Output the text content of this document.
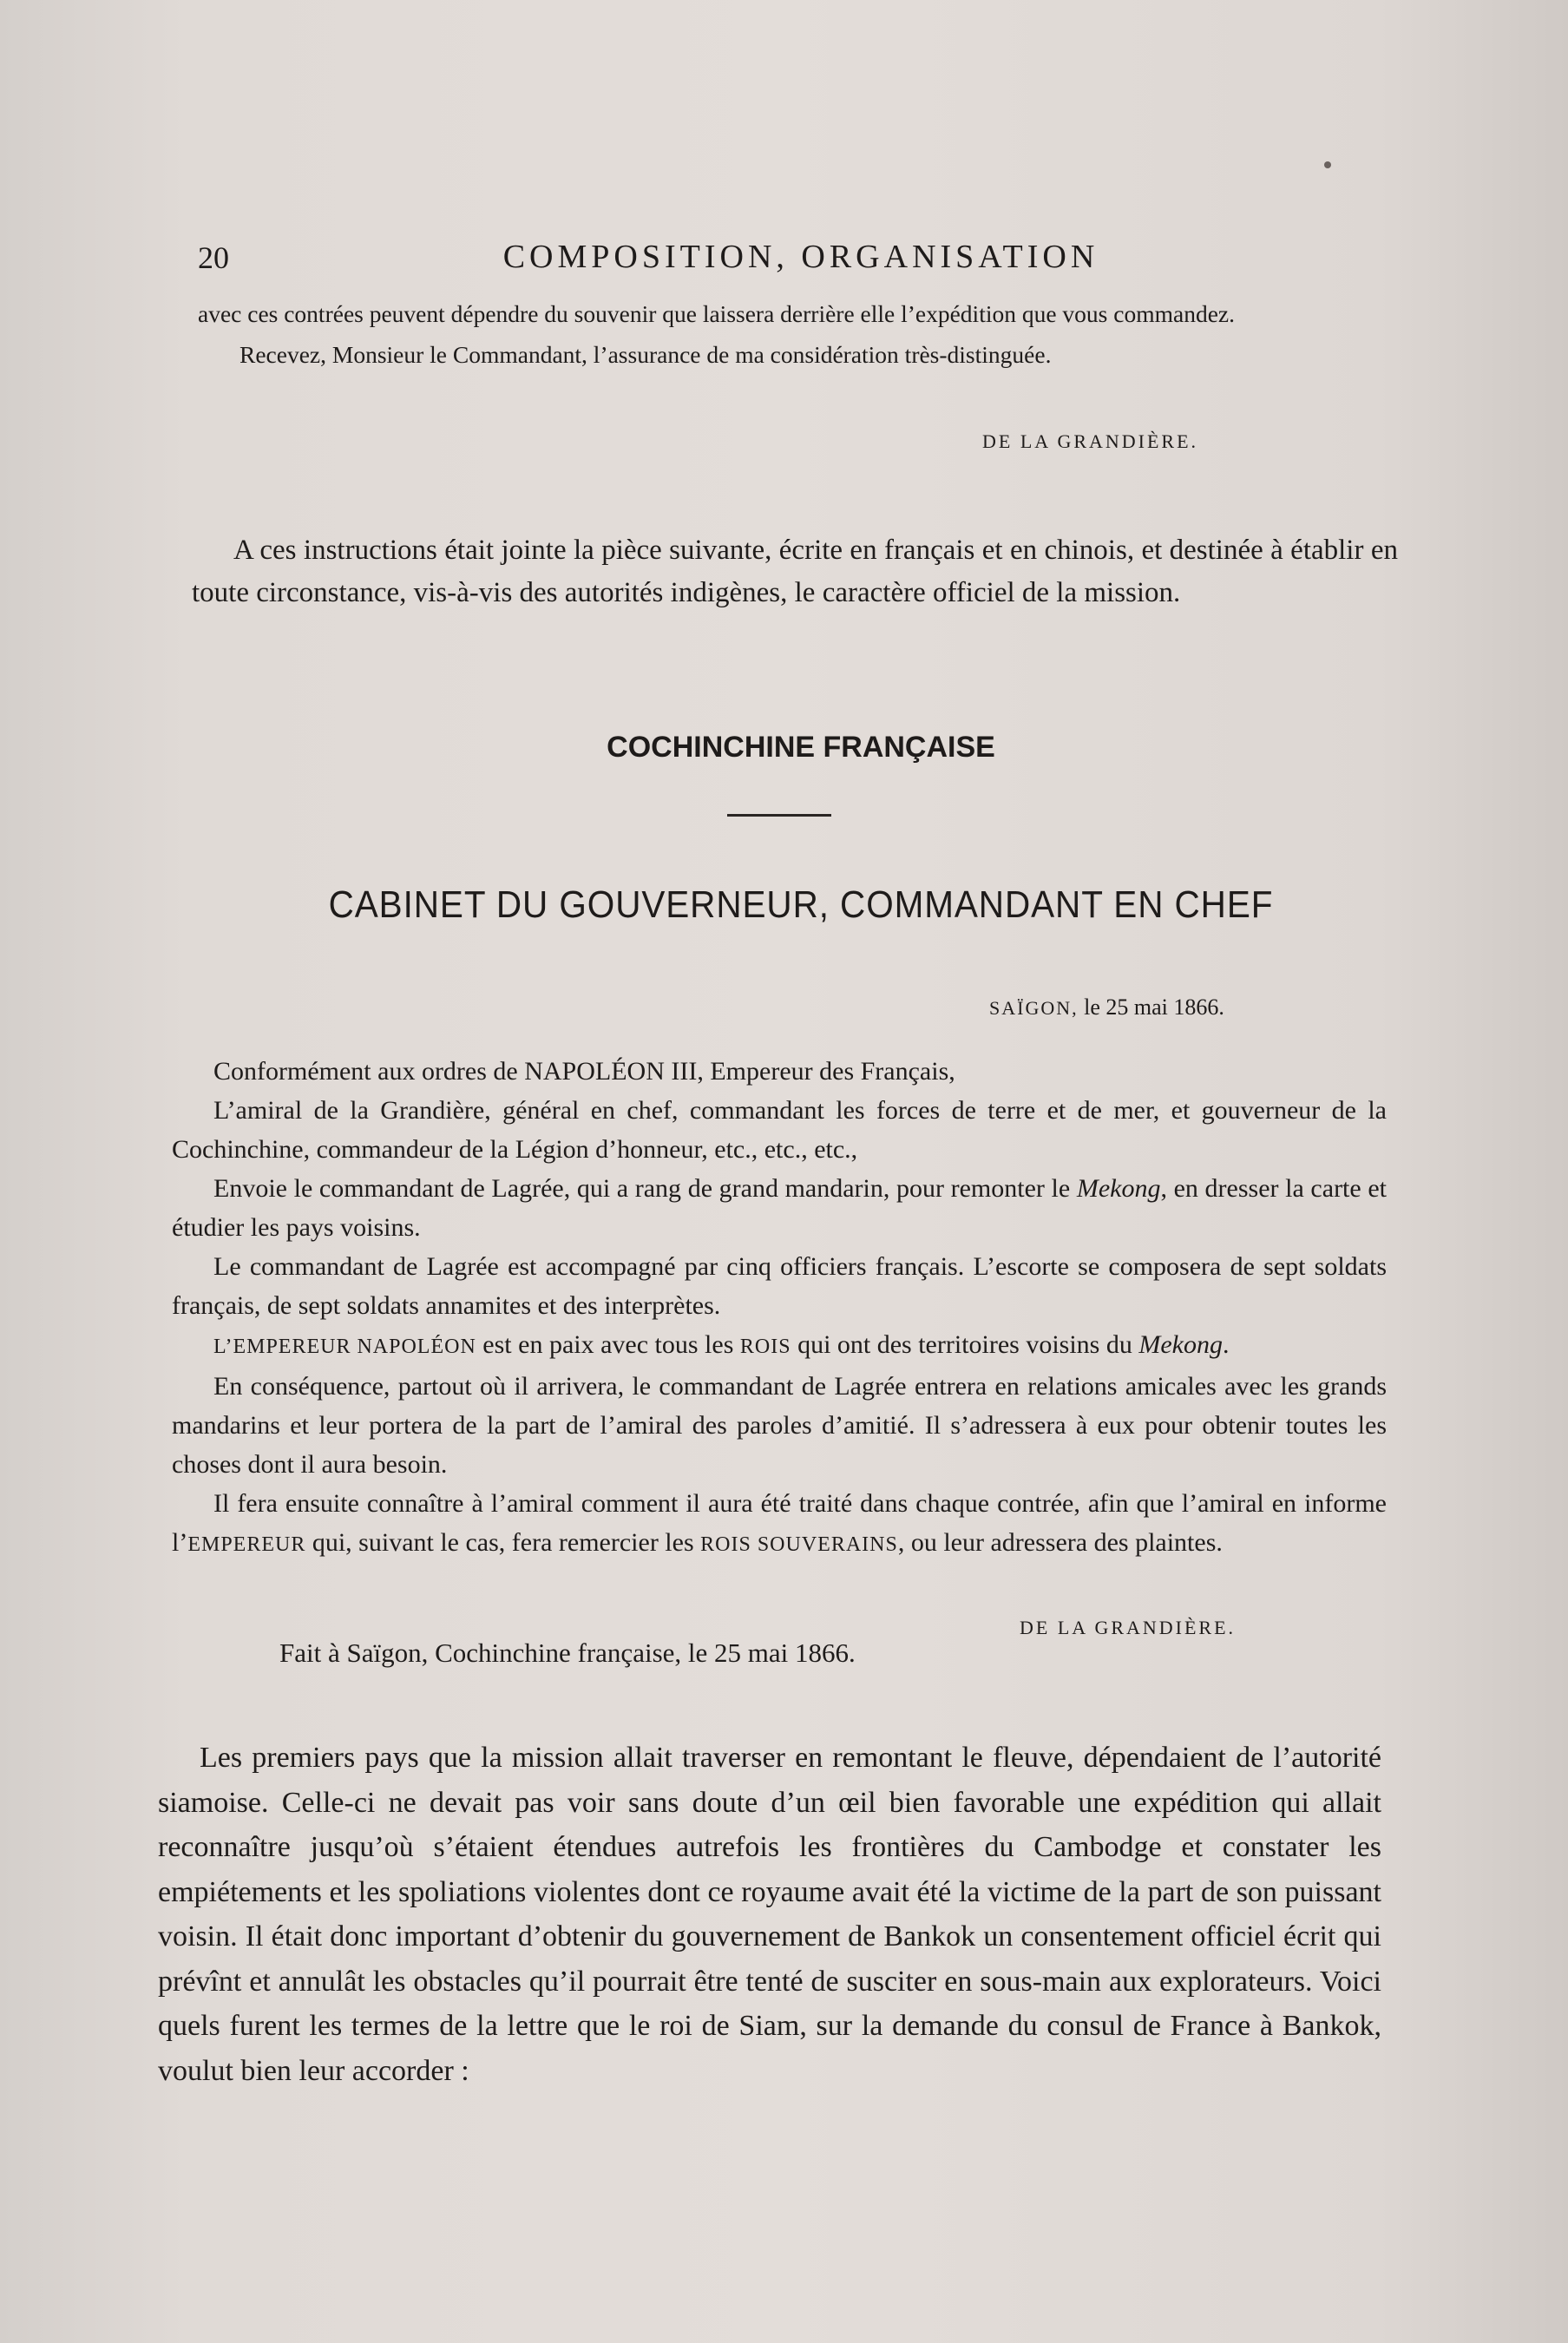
20	COMPOSITION, ORGANISATION

avec ces contrées peuvent dépendre du souvenir que laissera derrière elle l’expédition que vous commandez.

Recevez, Monsieur le Commandant, l’assurance de ma considération très-distinguée.

DE LA GRANDIÈRE.

A ces instructions était jointe la pièce suivante, écrite en français et en chinois, et destinée à établir en toute circonstance, vis-à-vis des autorités indigènes, le caractère officiel de la mission.

COCHINCHINE FRANÇAISE
CABINET DU GOUVERNEUR, COMMANDANT EN CHEF
SAÏGON, le 25 mai 1866.

Conformément aux ordres de NAPOLÉON III, Empereur des Français,

L’amiral de la Grandière, général en chef, commandant les forces de terre et de mer, et gouverneur de la Cochinchine, commandeur de la Légion d’honneur, etc., etc., etc.,

Envoie le commandant de Lagrée, qui a rang de grand mandarin, pour remonter le Mekong, en dresser la carte et étudier les pays voisins.

Le commandant de Lagrée est accompagné par cinq officiers français. L’escorte se composera de sept soldats français, de sept soldats annamites et des interprètes.

L’EMPEREUR NAPOLÉON est en paix avec tous les ROIS qui ont des territoires voisins du Mekong.

En conséquence, partout où il arrivera, le commandant de Lagrée entrera en relations amicales avec les grands mandarins et leur portera de la part de l’amiral des paroles d’amitié. Il s’adressera à eux pour obtenir toutes les choses dont il aura besoin.

Il fera ensuite connaître à l’amiral comment il aura été traité dans chaque contrée, afin que l’amiral en informe l’EMPEREUR qui, suivant le cas, fera remercier les ROIS SOUVERAINS, ou leur adressera des plaintes.

DE LA GRANDIÈRE.
Fait à Saïgon, Cochinchine française, le 25 mai 1866.

Les premiers pays que la mission allait traverser en remontant le fleuve, dépendaient de l’autorité siamoise. Celle-ci ne devait pas voir sans doute d’un œil bien favorable une expédition qui allait reconnaître jusqu’où s’étaient étendues autrefois les frontières du Cambodge et constater les empiétements et les spoliations violentes dont ce royaume avait été la victime de la part de son puissant voisin. Il était donc important d’obtenir du gouvernement de Bankok un consentement officiel écrit qui prévînt et annulât les obstacles qu’il pourrait être tenté de susciter en sous-main aux explorateurs. Voici quels furent les termes de la lettre que le roi de Siam, sur la demande du consul de France à Bankok, voulut bien leur accorder :
